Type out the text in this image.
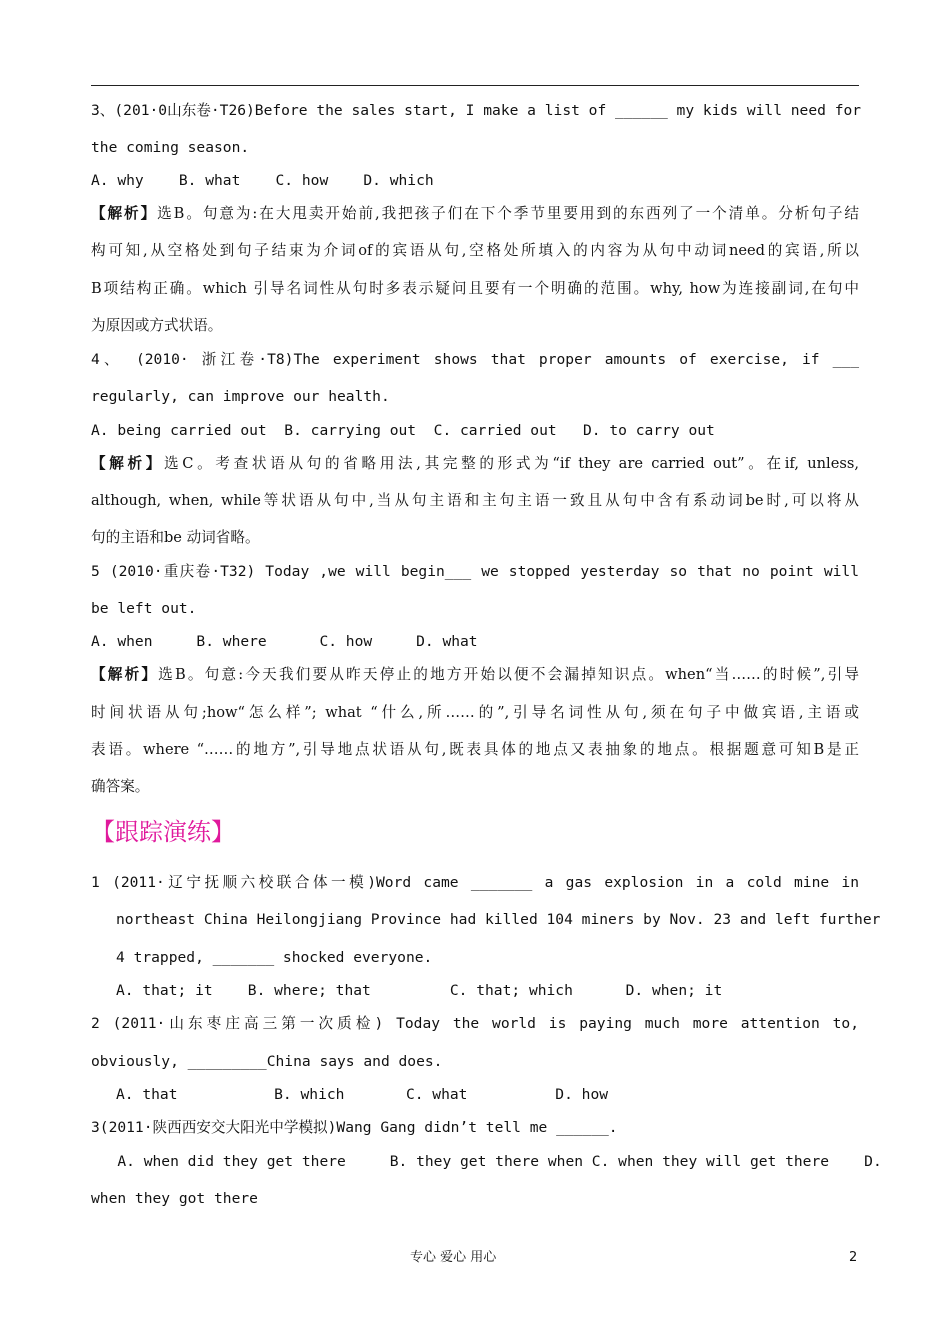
3、(201·0山东卷·T26)Before the sales start, I make a list of ______ my kids will need for
the coming season.
A. why    B. what    C. how    D. which
【解析】选B。句意为:在大甩卖开始前,我把孩子们在下个季节里要用到的东西列了一个清单。分析句子结
构可知,从空格处到句子结束为介词of的宾语从句,空格处所填入的内容为从句中动词need的宾语,所以
B项结构正确。which 引导名词性从句时多表示疑问且要有一个明确的范围。why, how为连接副词,在句中
为原因或方式状语。
4、 (2010· 浙江卷·T8)The experiment shows that proper amounts of exercise, if ___
regularly, can improve our health.
A. being carried out  B. carrying out  C. carried out   D. to carry out
【解析】选C。考查状语从句的省略用法,其完整的形式为“if they are carried out”。在if, unless,
although, when, while等状语从句中,当从句主语和主句主语一致且从句中含有系动词be时,可以将从
句的主语和be 动词省略。
5 (2010·重庆卷·T32) Today ,we will begin___ we stopped yesterday so that no point will
be left out.
A. when     B. where      C. how     D. what
【解析】选B。句意:今天我们要从昨天停止的地方开始以便不会漏掉知识点。when“当……的时候”,引导
时间状语从句;how“怎么样”; what “什么,所……的”,引导名词性从句,须在句子中做宾语,主语或
表语。where “……的地方”,引导地点状语从句,既表具体的地点又表抽象的地点。根据题意可知B是正
确答案。
【跟踪演练】
1 (2011·辽宁抚顺六校联合体一模)Word came _______ a gas explosion in a cold mine in
northeast China Heilongjiang Province had killed 104 miners by Nov. 23 and left further
4 trapped, _______ shocked everyone.
A. that; it    B. where; that         C. that; which      D. when; it
2 (2011·山东枣庄高三第一次质检) Today the world is paying much more attention to,
obviously, _________China says and does.
A. that           B. which       C. what          D. how
3(2011·陕西西安交大阳光中学模拟)Wang Gang didn’t tell me ______.
A. when did they get there     B. they get there when C. when they will get there    D.
when they got there
专心 爱心 用心	2
